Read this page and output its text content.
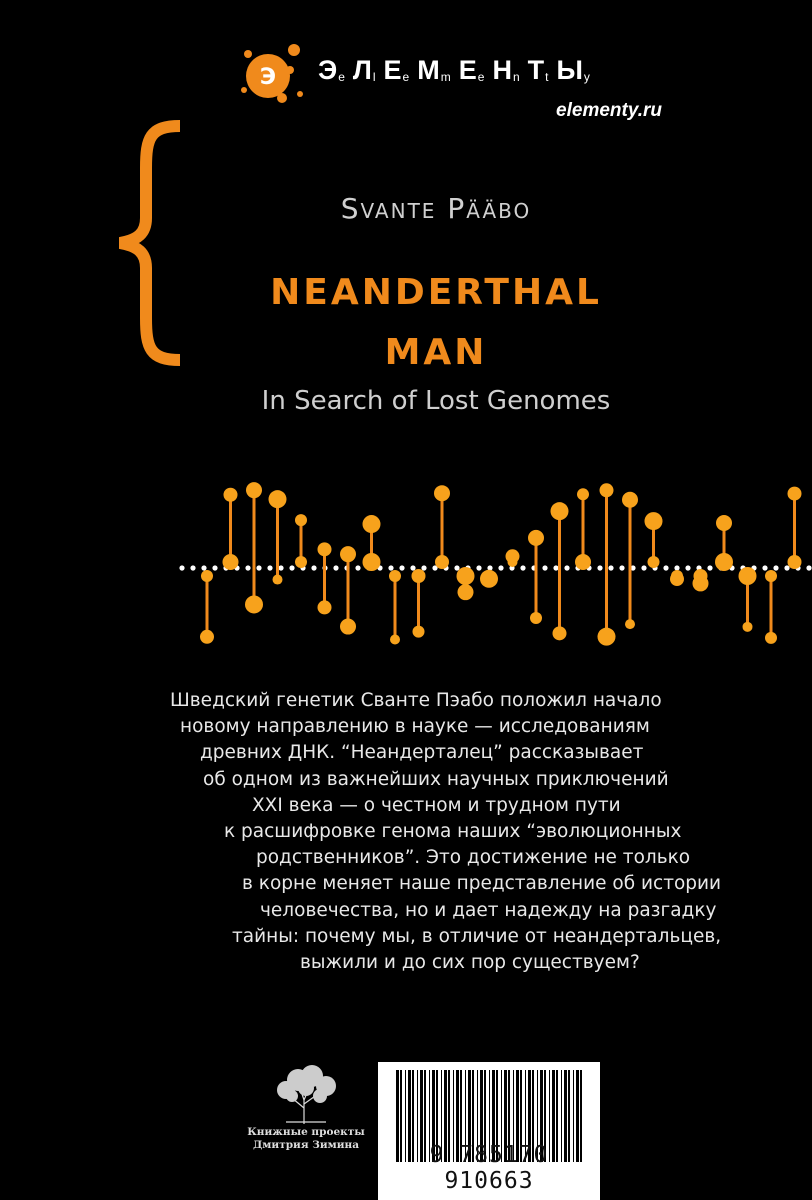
Э Э e Л l E e M m E e H n T t Ы y
elementy.ru
Svante Pääbo
NEANDERTHAL
MAN
In Search of Lost Genomes
Шведский генетик Сванте Пэабо положил начало
новому направлению в науке — исследованиям
древних ДНК. “Неандерталец” рассказывает
об одном из важнейших научных приключений
XXI века — о честном и трудном пути
к расшифровке генома наших “эволюционных
родственников”. Это достижение не только
в корне меняет наше представление об истории
человечества, но и дает надежду на разгадку
тайны: почему мы, в отличие от неандертальцев,
выжили и до сих пор существуем?
Книжные проекты
Дмитрия Зимина	9 785170 910663
